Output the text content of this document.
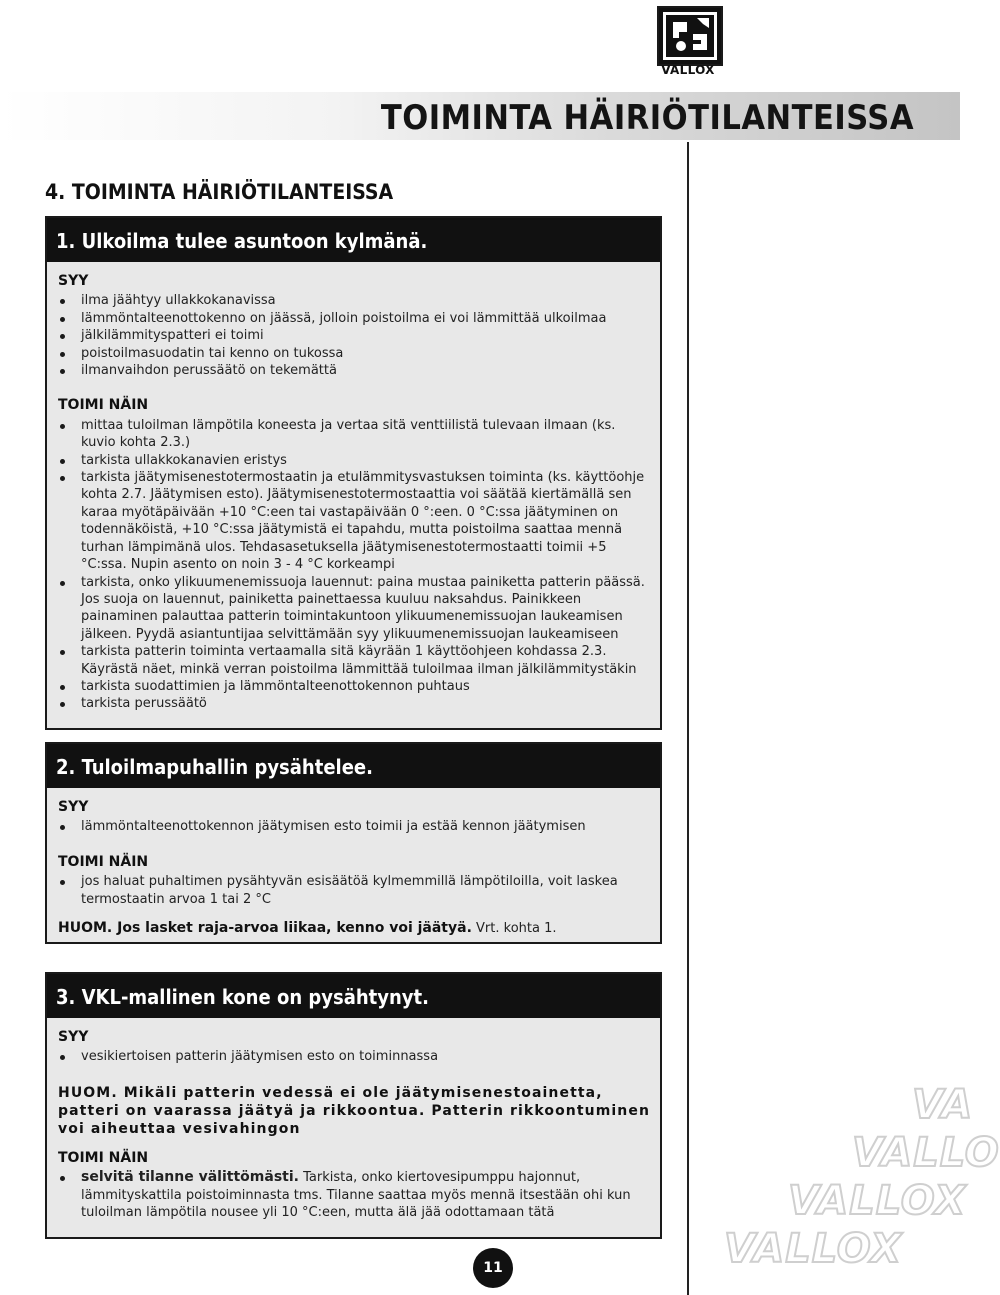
VALLOX
TOIMINTA HÄIRIÖTILANTEISSA
4. TOIMINTA HÄIRIÖTILANTEISSA
1. Ulkoilma tulee asuntoon kylmänä.
SYY
ilma jäähtyy ullakkokanavissa
lämmöntalteenottokenno on jäässä, jolloin poistoilma ei voi lämmittää ulkoilmaa
jälkilämmityspatteri ei toimi
poistoilmasuodatin tai kenno on tukossa
ilmanvaihdon perussäätö on tekemättä
TOIMI NÄIN
mittaa tuloilman lämpötila koneesta ja vertaa sitä venttiilistä tulevaan ilmaan (ks. kuvio kohta 2.3.)
tarkista ullakkokanavien eristys
tarkista jäätymisenestotermostaatin ja etulämmitysvastuksen toiminta (ks. käyttöohje kohta 2.7. Jäätymisen esto). Jäätymisenestotermostaattia voi säätää kiertämällä sen karaa myötäpäivään +10 °C:een tai vastapäivään 0 °:een. 0 °C:ssa jäätyminen on todennäköistä, +10 °C:ssa jäätymistä ei tapahdu, mutta poistoilma saattaa mennä turhan lämpimänä ulos. Tehdasasetuksella jäätymisenestotermostaatti toimii +5 °C:ssa. Nupin asento on noin 3 - 4 °C korkeampi
tarkista, onko ylikuumenemissuoja lauennut: paina mustaa painiketta patterin päässä. Jos suoja on lauennut, painiketta painettaessa kuuluu naksahdus. Painikkeen painaminen palauttaa patterin toimintakuntoon ylikuumenemissuojan laukeamisen jälkeen. Pyydä asiantuntijaa selvittämään syy ylikuumenemissuojan laukeamiseen
tarkista patterin toiminta vertaamalla sitä käyrään 1 käyttöohjeen kohdassa 2.3. Käyrästä näet, minkä verran poistoilma lämmittää tuloilmaa ilman jälkilämmitystäkin
tarkista suodattimien ja lämmöntalteenottokennon puhtaus
tarkista perussäätö
2. Tuloilmapuhallin pysähtelee.
SYY
lämmöntalteenottokennon jäätymisen esto toimii ja estää kennon jäätymisen
TOIMI NÄIN
jos haluat puhaltimen pysähtyvän esisäätöä kylmemmillä lämpötiloilla, voit laskea termostaatin arvoa 1 tai 2 °C
HUOM. Jos lasket raja-arvoa liikaa, kenno voi jäätyä. Vrt. kohta 1.
3. VKL-mallinen kone on pysähtynyt.
SYY
vesikiertoisen patterin jäätymisen esto on toiminnassa
HUOM. Mikäli patterin vedessä ei ole jäätymisenestoainetta, patteri on vaarassa jäätyä ja rikkoontua. Patterin rikkoontuminen voi aiheuttaa vesivahingon
TOIMI NÄIN
selvitä tilanne välittömästi. Tarkista, onko kiertovesipumppu hajonnut, lämmityskattila poistoiminnasta tms. Tilanne saattaa myös mennä itsestään ohi kun tuloilman lämpötila nousee yli 10 °C:een, mutta älä jää odottamaan tätä
VA
VALLO
VALLOX
VALLOX
11
